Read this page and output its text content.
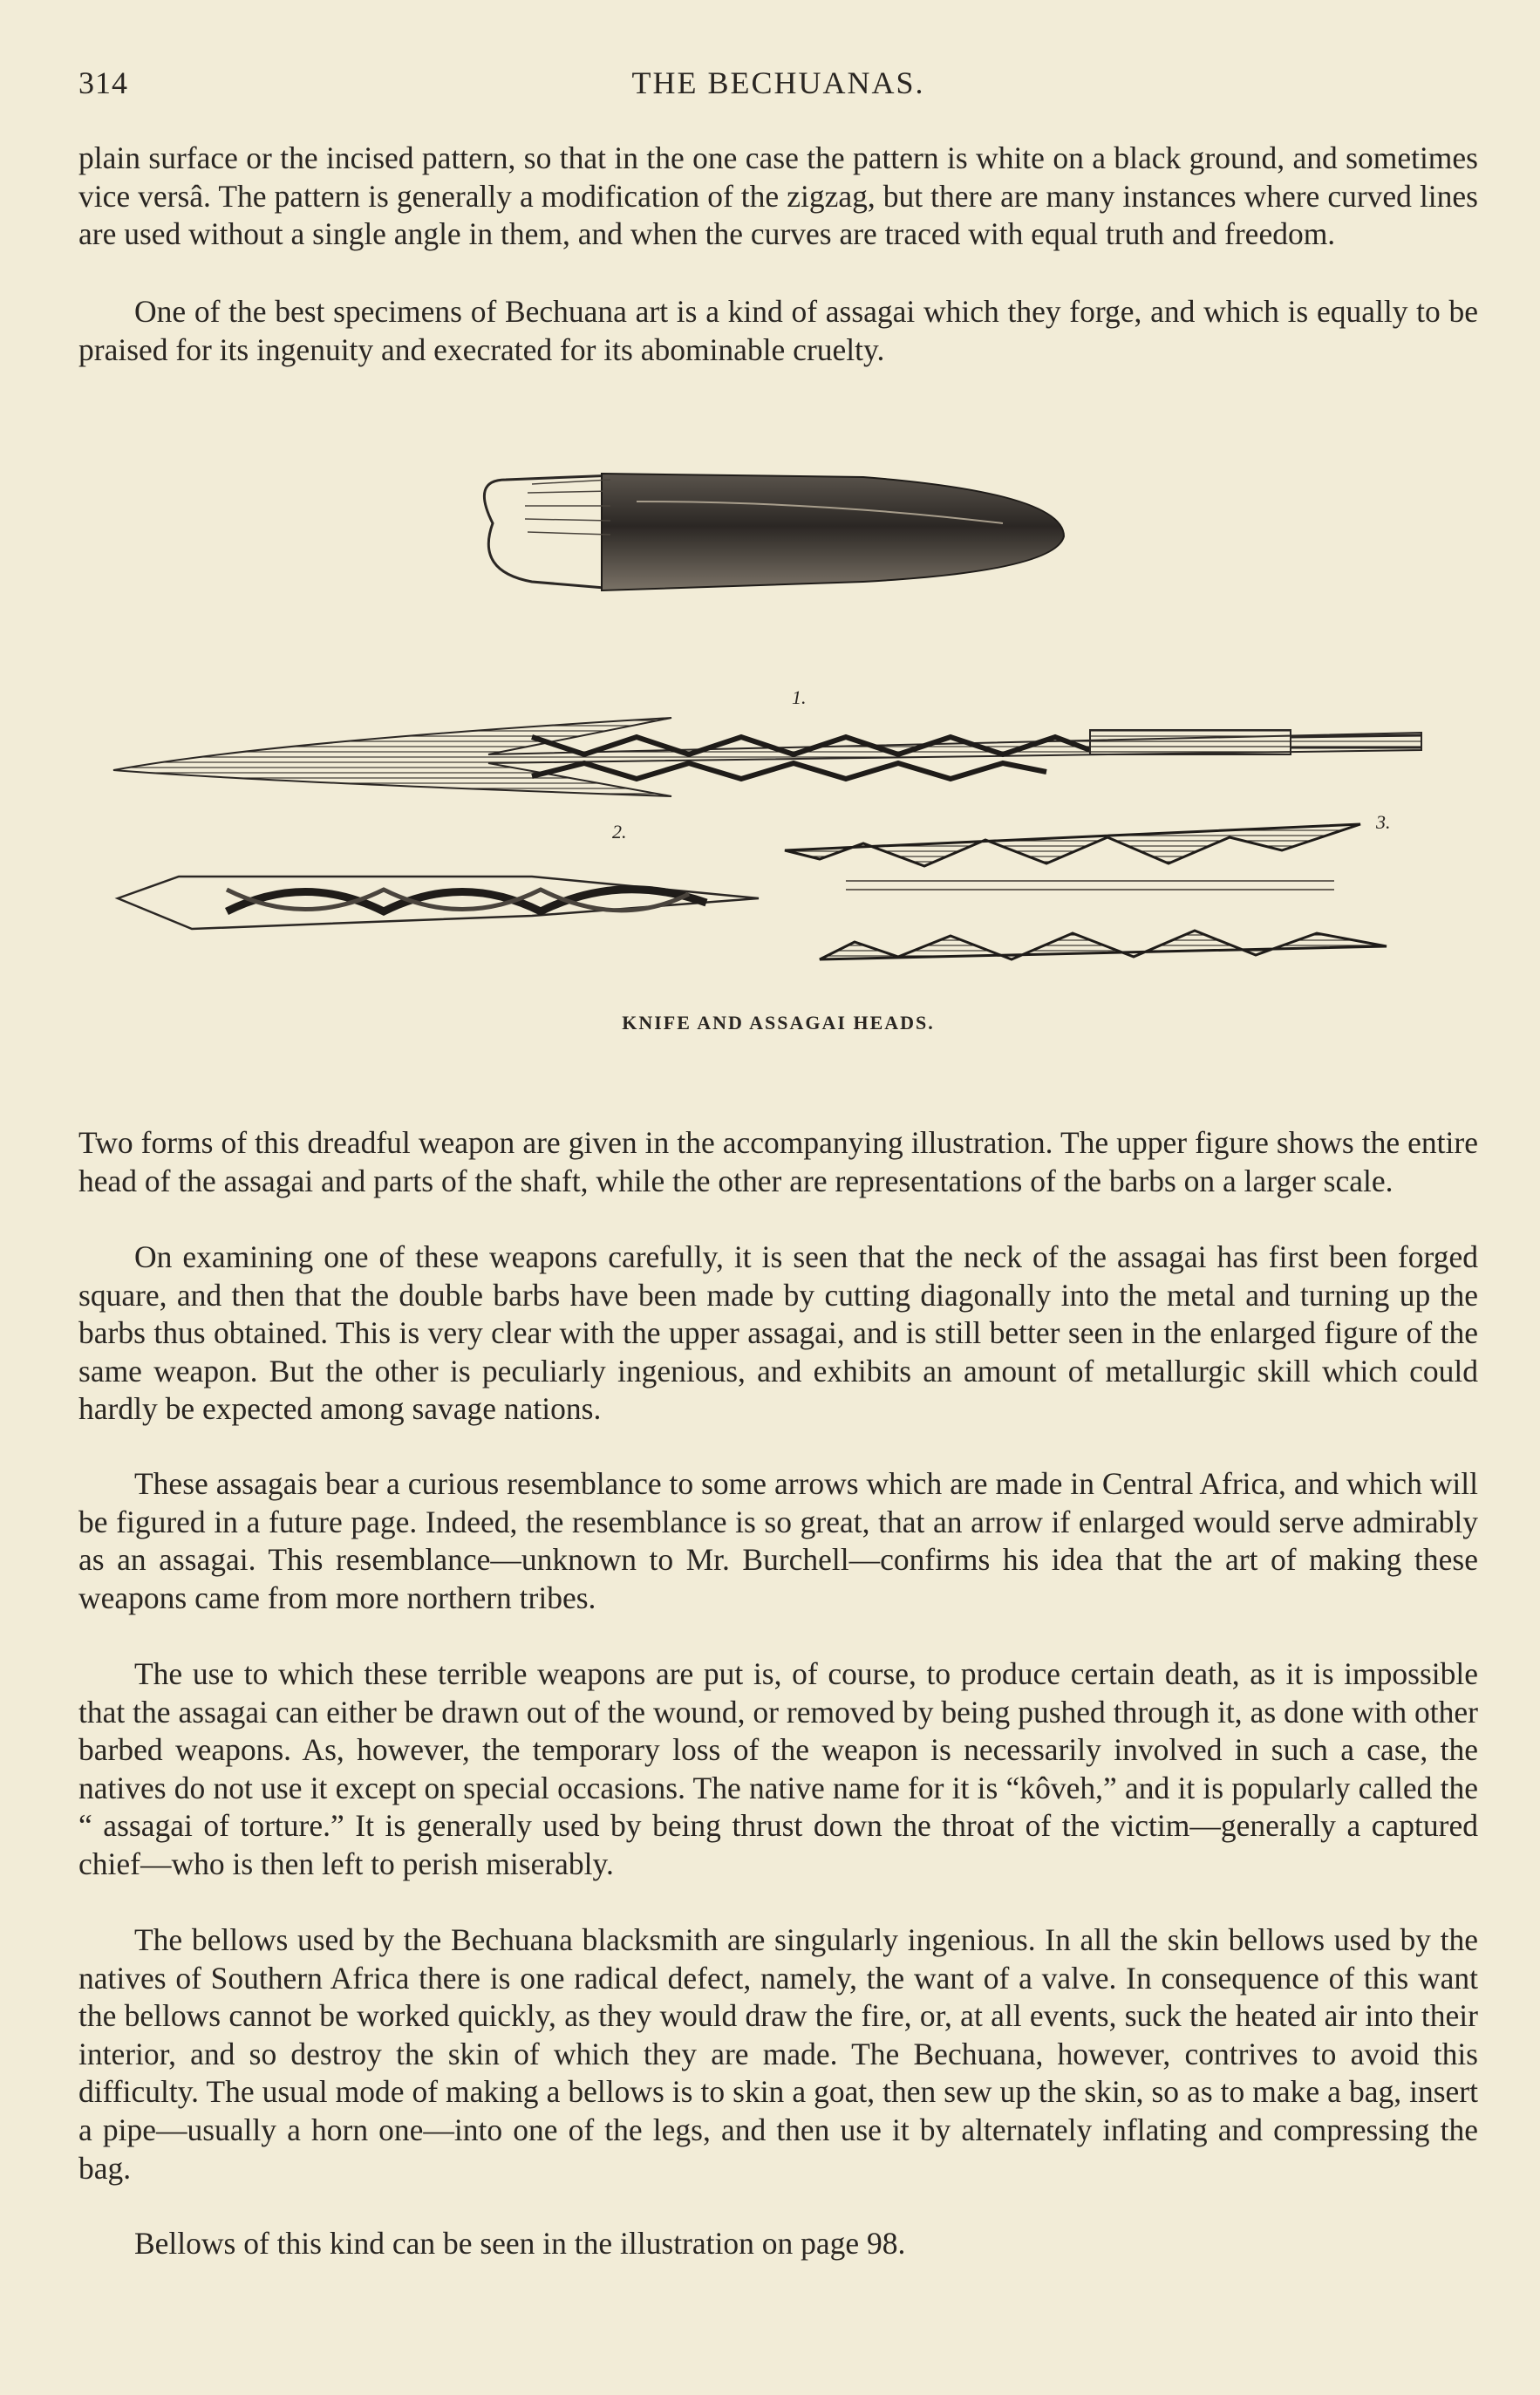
314	THE BECHUANAS.

plain surface or the incised pattern, so that in the one case the pattern is white on a black ground, and sometimes vice versâ. The pattern is generally a modification of the zigzag, but there are many instances where curved lines are used without a single angle in them, and when the curves are traced with equal truth and freedom.

One of the best specimens of Bechuana art is a kind of assagai which they forge, and which is equally to be praised for its ingenuity and execrated for its abominable cruelty.

1.
2.	3.
KNIFE AND ASSAGAI HEADS.

Two forms of this dreadful weapon are given in the accompanying illustration. The upper figure shows the entire head of the assagai and parts of the shaft, while the other are representations of the barbs on a larger scale.

On examining one of these weapons carefully, it is seen that the neck of the assagai has first been forged square, and then that the double barbs have been made by cutting diagonally into the metal and turning up the barbs thus obtained. This is very clear with the upper assagai, and is still better seen in the enlarged figure of the same weapon. But the other is peculiarly ingenious, and exhibits an amount of metallurgic skill which could hardly be expected among savage nations.

These assagais bear a curious resemblance to some arrows which are made in Central Africa, and which will be figured in a future page. Indeed, the resemblance is so great, that an arrow if enlarged would serve admirably as an assagai. This resemblance—unknown to Mr. Burchell—confirms his idea that the art of making these weapons came from more northern tribes.

The use to which these terrible weapons are put is, of course, to produce certain death, as it is impossible that the assagai can either be drawn out of the wound, or removed by being pushed through it, as done with other barbed weapons. As, however, the temporary loss of the weapon is necessarily involved in such a case, the natives do not use it except on special occasions. The native name for it is “kôveh,” and it is popularly called the “ assagai of torture.” It is generally used by being thrust down the throat of the victim—generally a captured chief—who is then left to perish miserably.

The bellows used by the Bechuana blacksmith are singularly ingenious. In all the skin bellows used by the natives of Southern Africa there is one radical defect, namely, the want of a valve. In consequence of this want the bellows cannot be worked quickly, as they would draw the fire, or, at all events, suck the heated air into their interior, and so destroy the skin of which they are made. The Bechuana, however, contrives to avoid this difficulty. The usual mode of making a bellows is to skin a goat, then sew up the skin, so as to make a bag, insert a pipe—usually a horn one—into one of the legs, and then use it by alternately inflating and compressing the bag.

Bellows of this kind can be seen in the illustration on page 98.
